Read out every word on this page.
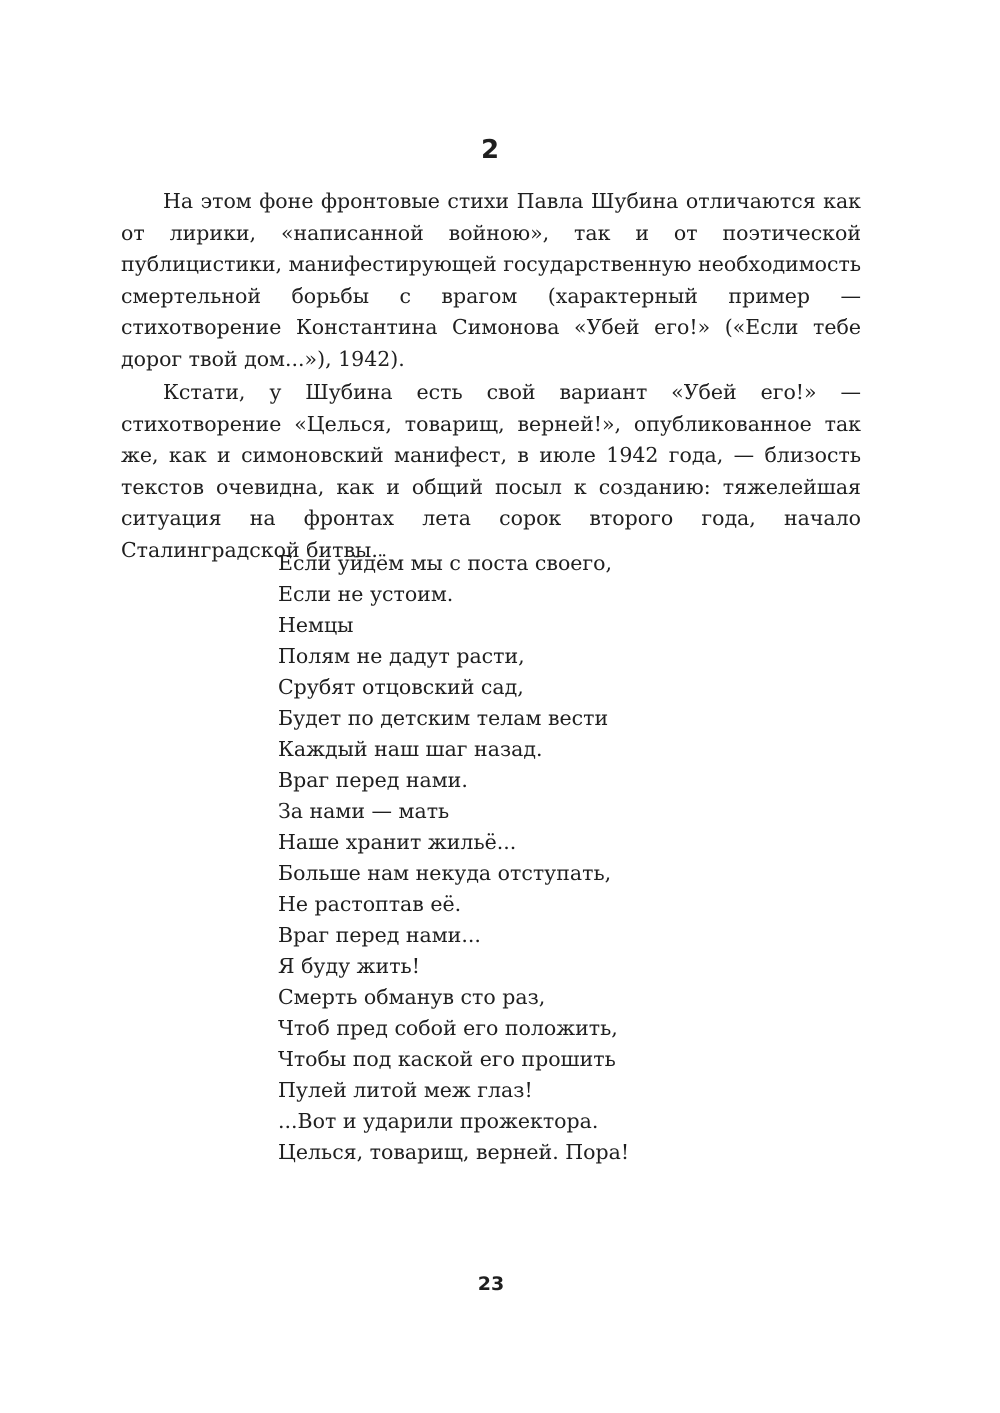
2

На этом фоне фронтовые стихи Павла Шубина отличаются как от лирики, «написанной войною», так и от поэтической публицистики, манифестирующей государственную необходимость смертельной борьбы с врагом (характерный пример — стихотворение Константина Симонова «Убей его!» («Если тебе дорог твой дом...»), 1942).

Кстати, у Шубина есть свой вариант «Убей его!» — стихотворение «Целься, товарищ, верней!», опубликованное так же, как и симоновский манифест, в июле 1942 года, — близость текстов очевидна, как и общий посыл к созданию: тяжелейшая ситуация на фронтах лета сорок второго года, начало Сталинградской битвы.

Если уйдём мы с поста своего,
Если не устоим.
Немцы
Полям не дадут расти,
Срубят отцовский сад,
Будет по детским телам вести
Каждый наш шаг назад.
Враг перед нами.
За нами — мать
Наше хранит жильё...
Больше нам некуда отступать,
Не растоптав её.
Враг перед нами...
Я буду жить!
Смерть обманув сто раз,
Чтоб пред собой его положить,
Чтобы под каской его прошить
Пулей литой меж глаз!
...Вот и ударили прожектора.
Целься, товарищ, верней. Пора!
23
